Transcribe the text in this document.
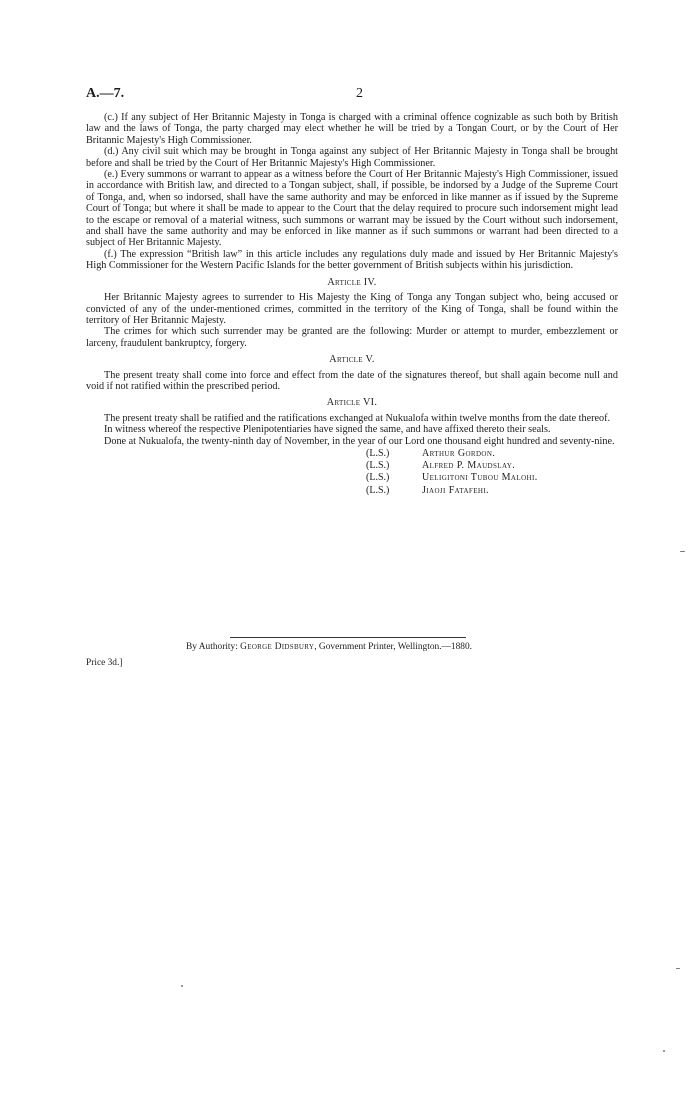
A.—7.	2

(c.) If any subject of Her Britannic Majesty in Tonga is charged with a criminal offence cognizable as such both by British law and the laws of Tonga, the party charged may elect whether he will be tried by a Tongan Court, or by the Court of Her Britannic Majesty's High Commissioner.

(d.) Any civil suit which may be brought in Tonga against any subject of Her Britannic Majesty in Tonga shall be brought before and shall be tried by the Court of Her Britannic Majesty's High Commissioner.

(e.) Every summons or warrant to appear as a witness before the Court of Her Britannic Majesty's High Commissioner, issued in accordance with British law, and directed to a Tongan subject, shall, if possible, be indorsed by a Judge of the Supreme Court of Tonga, and, when so indorsed, shall have the same authority and may be enforced in like manner as if issued by the Supreme Court of Tonga; but where it shall be made to appear to the Court that the delay required to procure such indorsement might lead to the escape or removal of a material witness, such summons or warrant may be issued by the Court without such indorsement, and shall have the same authority and may be enforced in like manner as if such summons or warrant had been directed to a subject of Her Britannic Majesty.

(f.) The expression “British law” in this article includes any regulations duly made and issued by Her Britannic Majesty's High Commissioner for the Western Pacific Islands for the better government of British subjects within his jurisdiction.

Article IV.

Her Britannic Majesty agrees to surrender to His Majesty the King of Tonga any Tongan subject who, being accused or convicted of any of the under-mentioned crimes, committed in the territory of the King of Tonga, shall be found within the territory of Her Britannic Majesty.

The crimes for which such surrender may be granted are the following: Murder or attempt to murder, embezzlement or larceny, fraudulent bankruptcy, forgery.

Article V.

The present treaty shall come into force and effect from the date of the signatures thereof, but shall again become null and void if not ratified within the prescribed period.

Article VI.

The present treaty shall be ratified and the ratifications exchanged at Nukualofa within twelve months from the date thereof.

In witness whereof the respective Plenipotentiaries have signed the same, and have affixed thereto their seals.

Done at Nukualofa, the twenty-ninth day of November, in the year of our Lord one thousand eight hundred and seventy-nine.

(L.S.)	Arthur Gordon.
(L.S.)	Alfred P. Maudslay.
(L.S.)	Ueligitoni Tubou Malohi.
(L.S.)	Jiaoji Fatafehi.
By Authority: George Didsbury, Government Printer, Wellington.—1880.
Price 3d.]
